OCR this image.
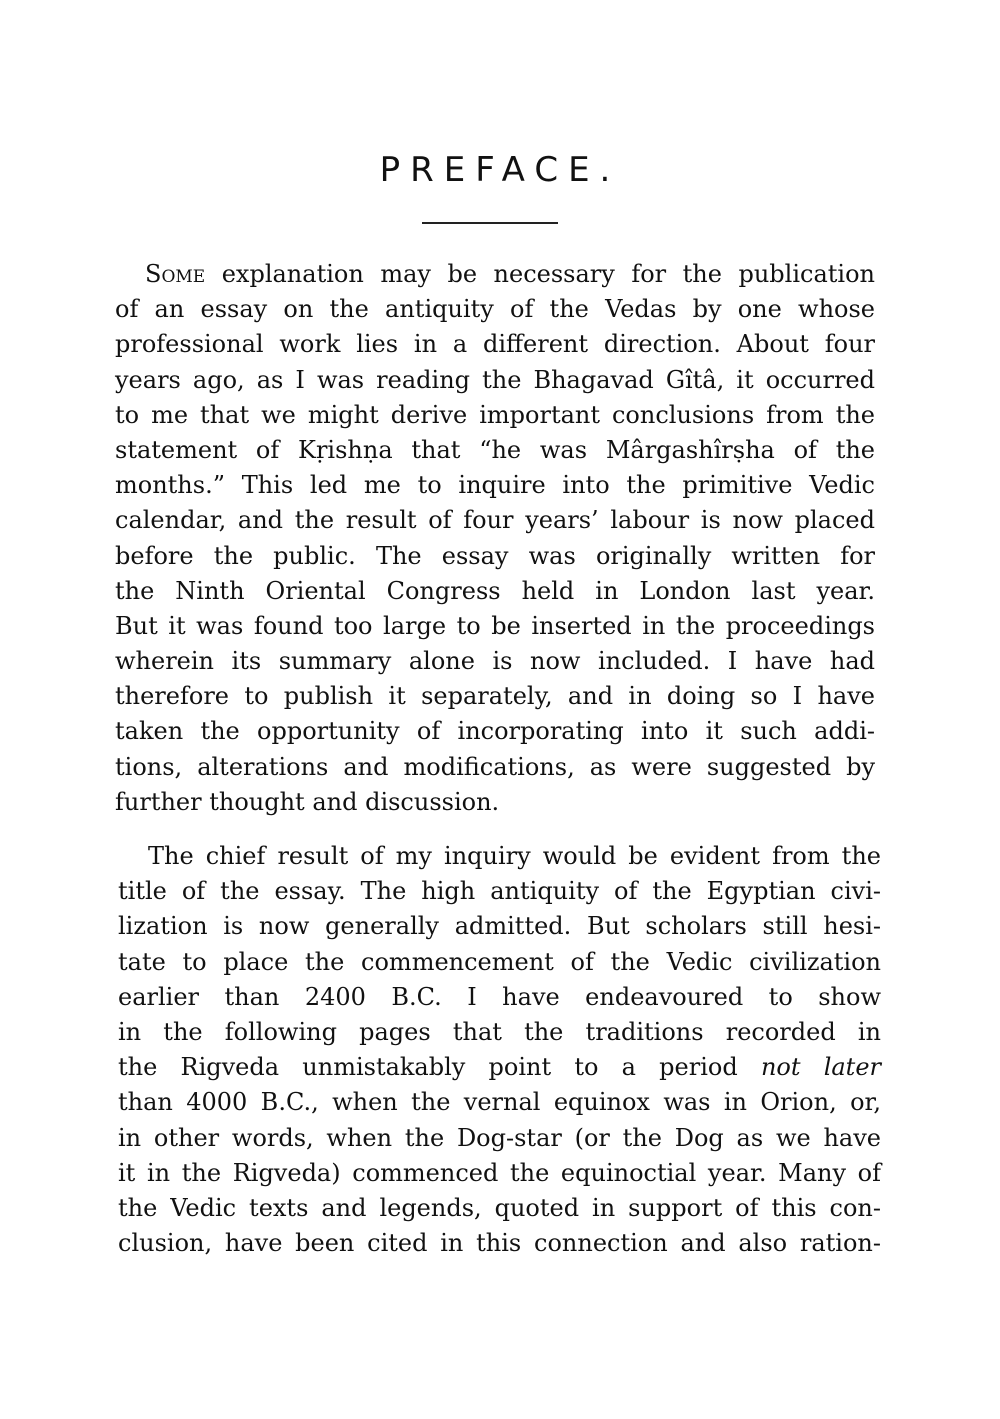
PREFACE.
Some explanation may be necessary for the publication
of an essay on the antiquity of the Vedas by one whose
professional work lies in a different direction. About four
years ago, as I was reading the Bhagavad Gîtâ, it occurred
to me that we might derive important conclusions from the
statement of Kṛishṇa that “he was Mârgashîrṣha of the
months.” This led me to inquire into the primitive Vedic
calendar, and the result of four years’ labour is now placed
before the public. The essay was originally written for
the Ninth Oriental Congress held in London last year.
But it was found too large to be inserted in the proceedings
wherein its summary alone is now included. I have had
therefore to publish it separately, and in doing so I have
taken the opportunity of incorporating into it such addi-
tions, alterations and modifications, as were suggested by
further thought and discussion.
The chief result of my inquiry would be evident from the
title of the essay. The high antiquity of the Egyptian civi-
lization is now generally admitted. But scholars still hesi-
tate to place the commencement of the Vedic civilization
earlier than 2400 B.C. I have endeavoured to show
in the following pages that the traditions recorded in
the Rigveda unmistakably point to a period not later
than 4000 B.C., when the vernal equinox was in Orion, or,
in other words, when the Dog-star (or the Dog as we have
it in the Rigveda) commenced the equinoctial year. Many of
the Vedic texts and legends, quoted in support of this con-
clusion, have been cited in this connection and also ration-
